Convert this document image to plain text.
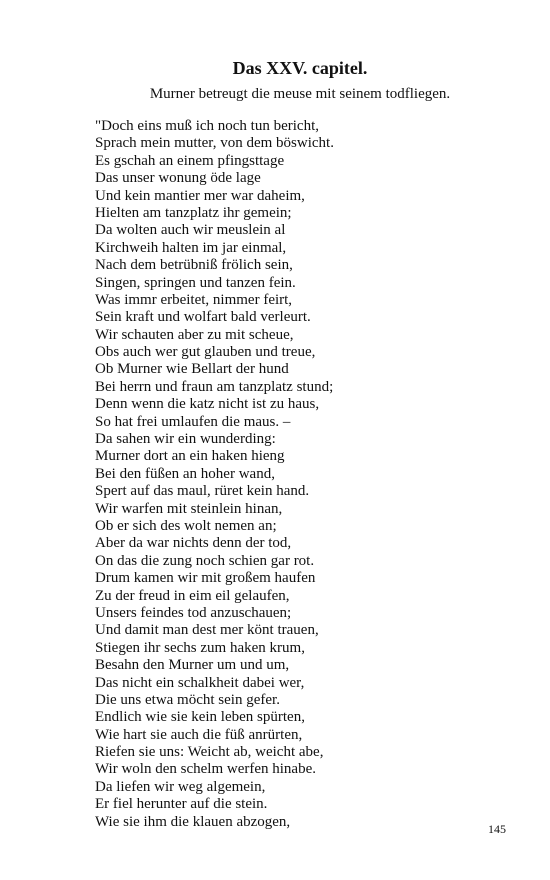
Das XXV. capitel.

Murner betreugt die meuse mit seinem todfliegen.

"Doch eins muß ich noch tun bericht,
Sprach mein mutter, von dem böswicht.
Es gschah an einem pfingsttage
Das unser wonung öde lage
Und kein mantier mer war daheim,
Hielten am tanzplatz ihr gemein;
Da wolten auch wir meuslein al
Kirchweih halten im jar einmal,
Nach dem betrübniß frölich sein,
Singen, springen und tanzen fein.
Was immr erbeitet, nimmer feirt,
Sein kraft und wolfart bald verleurt.
Wir schauten aber zu mit scheue,
Obs auch wer gut glauben und treue,
Ob Murner wie Bellart der hund
Bei herrn und fraun am tanzplatz stund;
Denn wenn die katz nicht ist zu haus,
So hat frei umlaufen die maus. –
Da sahen wir ein wunderding:
Murner dort an ein haken hieng
Bei den füßen an hoher wand,
Spert auf das maul, rüret kein hand.
Wir warfen mit steinlein hinan,
Ob er sich des wolt nemen an;
Aber da war nichts denn der tod,
On das die zung noch schien gar rot.
Drum kamen wir mit großem haufen
Zu der freud in eim eil gelaufen,
Unsers feindes tod anzuschauen;
Und damit man dest mer könt trauen,
Stiegen ihr sechs zum haken krum,
Besahn den Murner um und um,
Das nicht ein schalkheit dabei wer,
Die uns etwa möcht sein gefer.
Endlich wie sie kein leben spürten,
Wie hart sie auch die füß anrürten,
Riefen sie uns: Weicht ab, weicht abe,
Wir woln den schelm werfen hinabe.
Da liefen wir weg algemein,
Er fiel herunter auf die stein.
Wie sie ihm die klauen abzogen,	145
